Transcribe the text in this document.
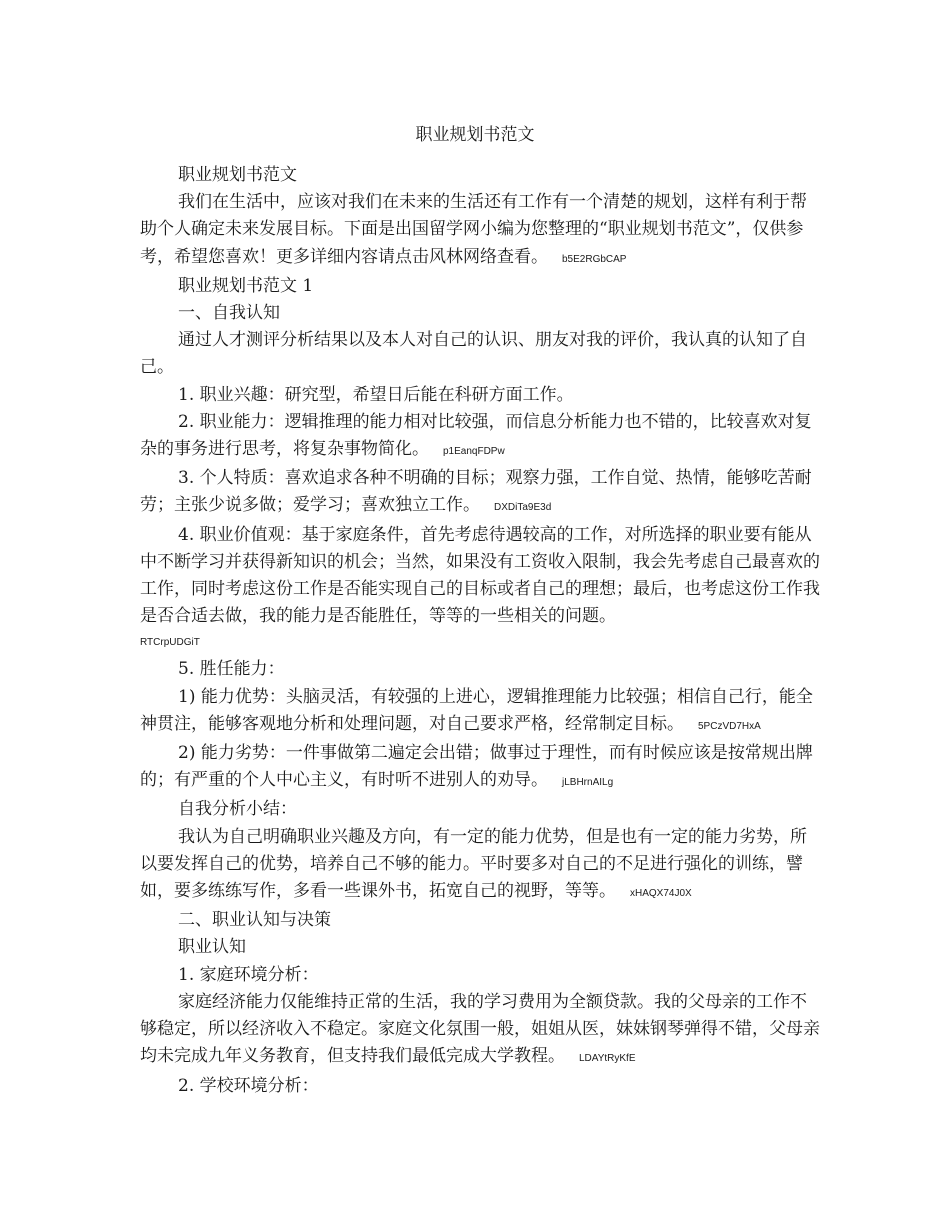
职业规划书范文

职业规划书范文

我们在生活中，应该对我们在未来的生活还有工作有一个清楚的规划，这样有利于帮助个人确定未来发展目标。下面是出国留学网小编为您整理的“职业规划书范文”，仅供参考，希望您喜欢！更多详细内容请点击风林网络查看。 b5E2RGbCAP

职业规划书范文 1

一、自我认知

通过人才测评分析结果以及本人对自己的认识、朋友对我的评价，我认真的认知了自己。

1. 职业兴趣：研究型，希望日后能在科研方面工作。

2. 职业能力：逻辑推理的能力相对比较强，而信息分析能力也不错的，比较喜欢对复杂的事务进行思考，将复杂事物简化。 p1EanqFDPw

3. 个人特质：喜欢追求各种不明确的目标；观察力强，工作自觉、热情，能够吃苦耐劳；主张少说多做；爱学习；喜欢独立工作。 DXDiTa9E3d

4. 职业价值观：基于家庭条件，首先考虑待遇较高的工作，对所选择的职业要有能从中不断学习并获得新知识的机会；当然，如果没有工资收入限制，我会先考虑自己最喜欢的工作，同时考虑这份工作是否能实现自己的目标或者自己的理想；最后，也考虑这份工作我是否合适去做，我的能力是否能胜任，等等的一些相关的问题。

RTCrpUDGiT

5. 胜任能力：

1) 能力优势：头脑灵活，有较强的上进心，逻辑推理能力比较强；相信自己行，能全神贯注，能够客观地分析和处理问题，对自己要求严格，经常制定目标。 5PCzVD7HxA

2) 能力劣势：一件事做第二遍定会出错；做事过于理性，而有时候应该是按常规出牌的；有严重的个人中心主义，有时听不进别人的劝导。 jLBHrnAILg

自我分析小结：

我认为自己明确职业兴趣及方向，有一定的能力优势，但是也有一定的能力劣势，所以要发挥自己的优势，培养自己不够的能力。平时要多对自己的不足进行强化的训练，譬如，要多练练写作，多看一些课外书，拓宽自己的视野，等等。 xHAQX74J0X

二、职业认知与决策

职业认知

1. 家庭环境分析：

家庭经济能力仅能维持正常的生活，我的学习费用为全额贷款。我的父母亲的工作不够稳定，所以经济收入不稳定。家庭文化氛围一般，姐姐从医，妹妹钢琴弹得不错，父母亲均未完成九年义务教育，但支持我们最低完成大学教程。 LDAYtRyKfE

2. 学校环境分析：
